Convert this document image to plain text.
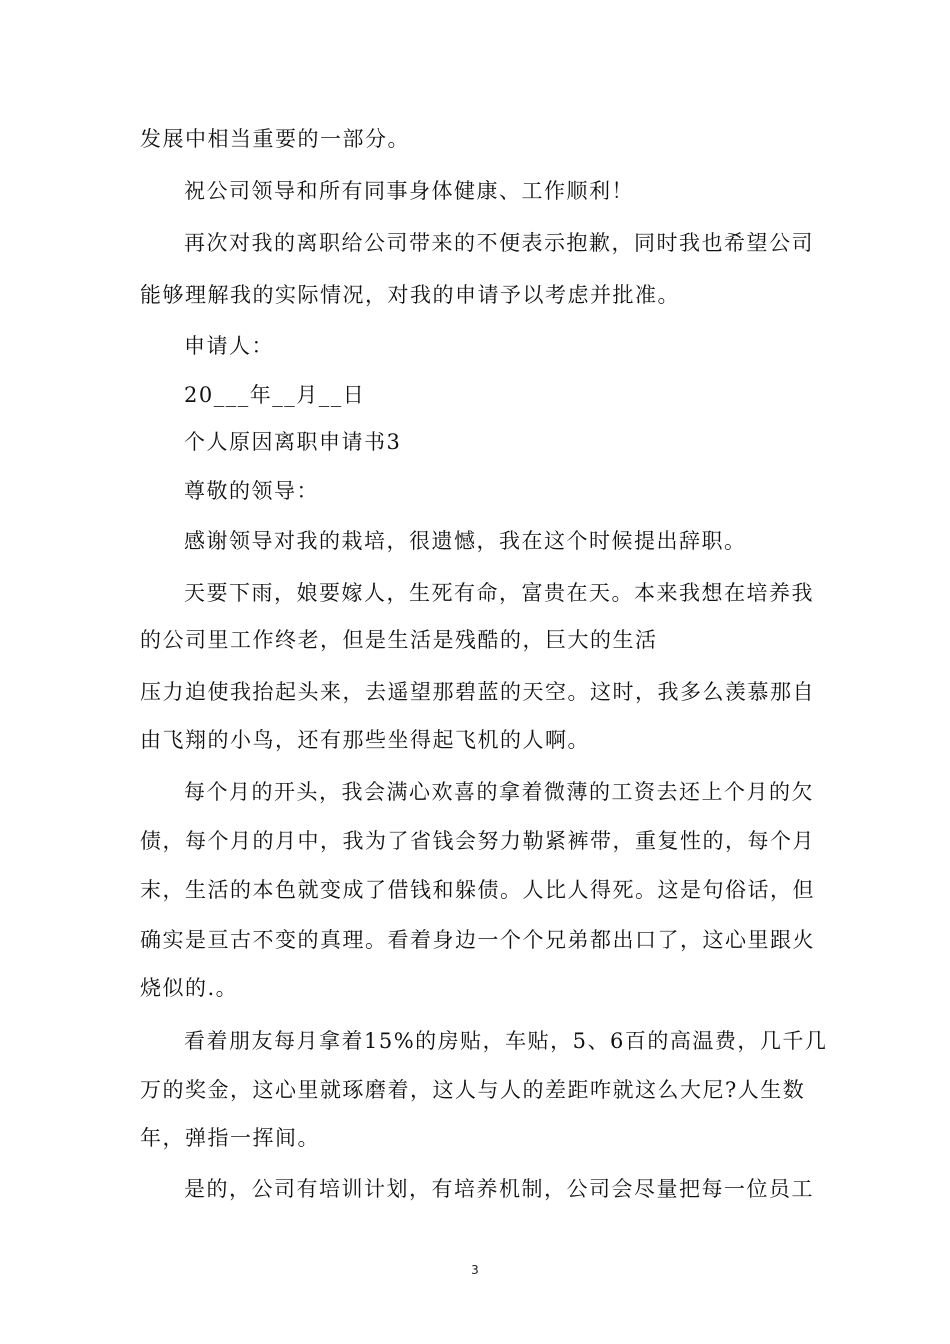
发展中相当重要的一部分。
祝公司领导和所有同事身体健康、工作顺利！
再次对我的离职给公司带来的不便表示抱歉，同时我也希望公司
能够理解我的实际情况，对我的申请予以考虑并批准。
申请人：
20___年__月__日
个人原因离职申请书3
尊敬的领导：
感谢领导对我的栽培，很遗憾，我在这个时候提出辞职。
天要下雨，娘要嫁人，生死有命，富贵在天。本来我想在培养我
的公司里工作终老，但是生活是残酷的，巨大的生活
压力迫使我抬起头来，去遥望那碧蓝的天空。这时，我多么羡慕那自
由飞翔的小鸟，还有那些坐得起飞机的人啊。
每个月的开头，我会满心欢喜的拿着微薄的工资去还上个月的欠
债，每个月的月中，我为了省钱会努力勒紧裤带，重复性的，每个月
末，生活的本色就变成了借钱和躲债。人比人得死。这是句俗话，但
确实是亘古不变的真理。看着身边一个个兄弟都出口了，这心里跟火
烧似的.。
看着朋友每月拿着15%的房贴，车贴，5、6百的高温费，几千几
万的奖金，这心里就琢磨着，这人与人的差距咋就这么大尼?人生数
年，弹指一挥间。
是的，公司有培训计划，有培养机制，公司会尽量把每一位员工
3
